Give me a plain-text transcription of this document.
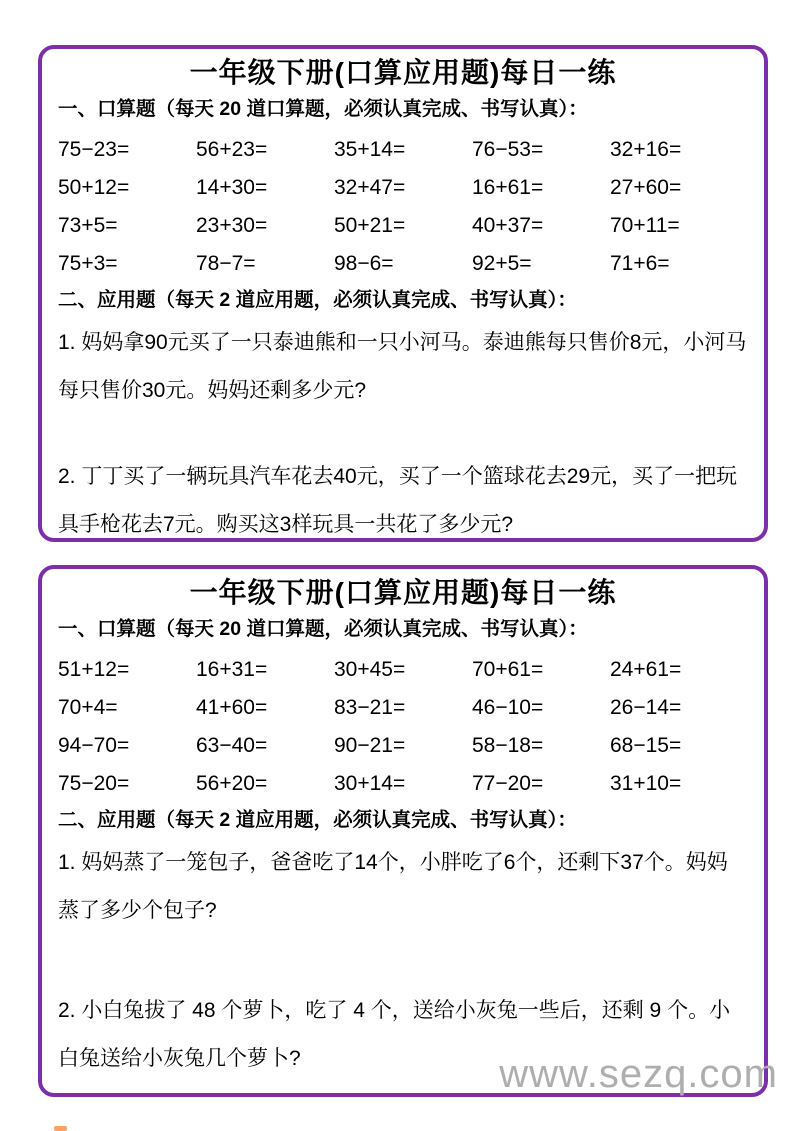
一年级下册(口算应用题)每日一练
一、口算题（每天 20 道口算题，必须认真完成、书写认真）：
75−23=	56+23=	35+14=	76−53=	32+16=
50+12=	14+30=	32+47=	16+61=	27+60=
73+5=	23+30=	50+21=	40+37=	70+11=
75+3=	78−7=	98−6=	92+5=	71+6=
二、应用题（每天 2 道应用题，必须认真完成、书写认真）：

1. 妈妈拿90元买了一只泰迪熊和一只小河马。泰迪熊每只售价8元，小河马每只售价30元。妈妈还剩多少元?

2. 丁丁买了一辆玩具汽车花去40元，买了一个篮球花去29元，买了一把玩具手枪花去7元。购买这3样玩具一共花了多少元?

一年级下册(口算应用题)每日一练
一、口算题（每天 20 道口算题，必须认真完成、书写认真）：
51+12=	16+31=	30+45=	70+61=	24+61=
70+4=	41+60=	83−21=	46−10=	26−14=
94−70=	63−40=	90−21=	58−18=	68−15=
75−20=	56+20=	30+14=	77−20=	31+10=
二、应用题（每天 2 道应用题，必须认真完成、书写认真）：

1. 妈妈蒸了一笼包子，爸爸吃了14个，小胖吃了6个，还剩下37个。妈妈蒸了多少个包子?

2. 小白兔拔了 48 个萝卜，吃了 4 个，送给小灰兔一些后，还剩 9 个。小白兔送给小灰兔几个萝卜?	www.sezq.com
